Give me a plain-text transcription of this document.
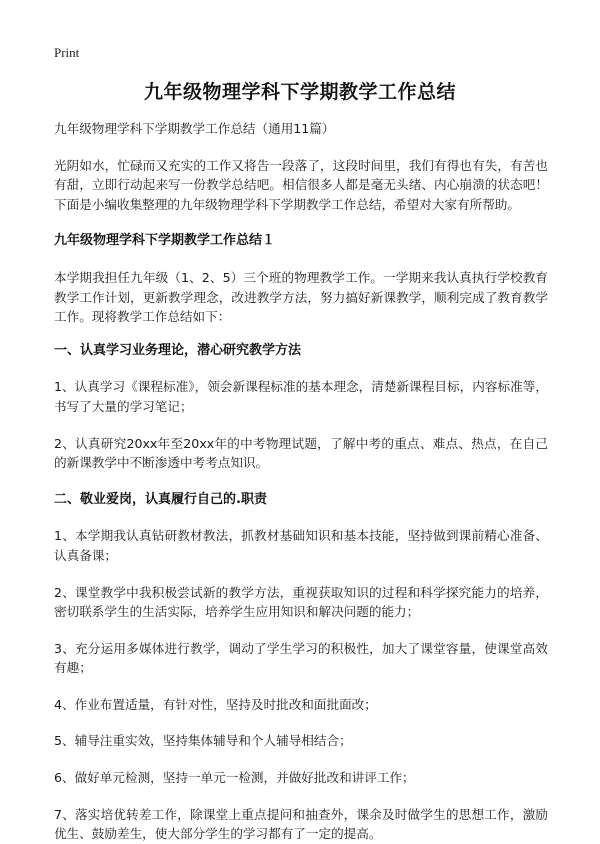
Print
九年级物理学科下学期教学工作总结

九年级物理学科下学期教学工作总结（通用11篇）

光阴如水，忙碌而又充实的工作又将告一段落了，这段时间里，我们有得也有失，有苦也有甜，立即行动起来写一份教学总结吧。相信很多人都是毫无头绪、内心崩溃的状态吧！下面是小编收集整理的九年级物理学科下学期教学工作总结，希望对大家有所帮助。

九年级物理学科下学期教学工作总结１

本学期我担任九年级（1、2、5）三个班的物理教学工作。一学期来我认真执行学校教育教学工作计划，更新教学理念，改进教学方法，努力搞好新课教学，顺利完成了教育教学工作。现将教学工作总结如下：

一、认真学习业务理论，潜心研究教学方法

1、认真学习《课程标准》，领会新课程标准的基本理念，清楚新课程目标，内容标准等，书写了大量的学习笔记；

2、认真研究20xx年至20xx年的中考物理试题，了解中考的重点、难点、热点，在自己的新课教学中不断渗透中考考点知识。

二、敬业爱岗，认真履行自己的.职责

1、本学期我认真钻研教材教法，抓教材基础知识和基本技能，坚持做到课前精心准备、认真备课；

2、课堂教学中我积极尝试新的教学方法，重视获取知识的过程和科学探究能力的培养，密切联系学生的生活实际，培养学生应用知识和解决问题的能力；

3、充分运用多媒体进行教学，调动了学生学习的积极性，加大了课堂容量，使课堂高效有趣；

4、作业布置适量，有针对性，坚持及时批改和面批面改；

5、辅导注重实效，坚持集体辅导和个人辅导相结合；

6、做好单元检测，坚持一单元一检测，并做好批改和讲评工作；

7、落实培优转差工作，除课堂上重点提问和抽查外，课余及时做学生的思想工作，激励优生、鼓励差生，使大部分学生的学习都有了一定的提高。
